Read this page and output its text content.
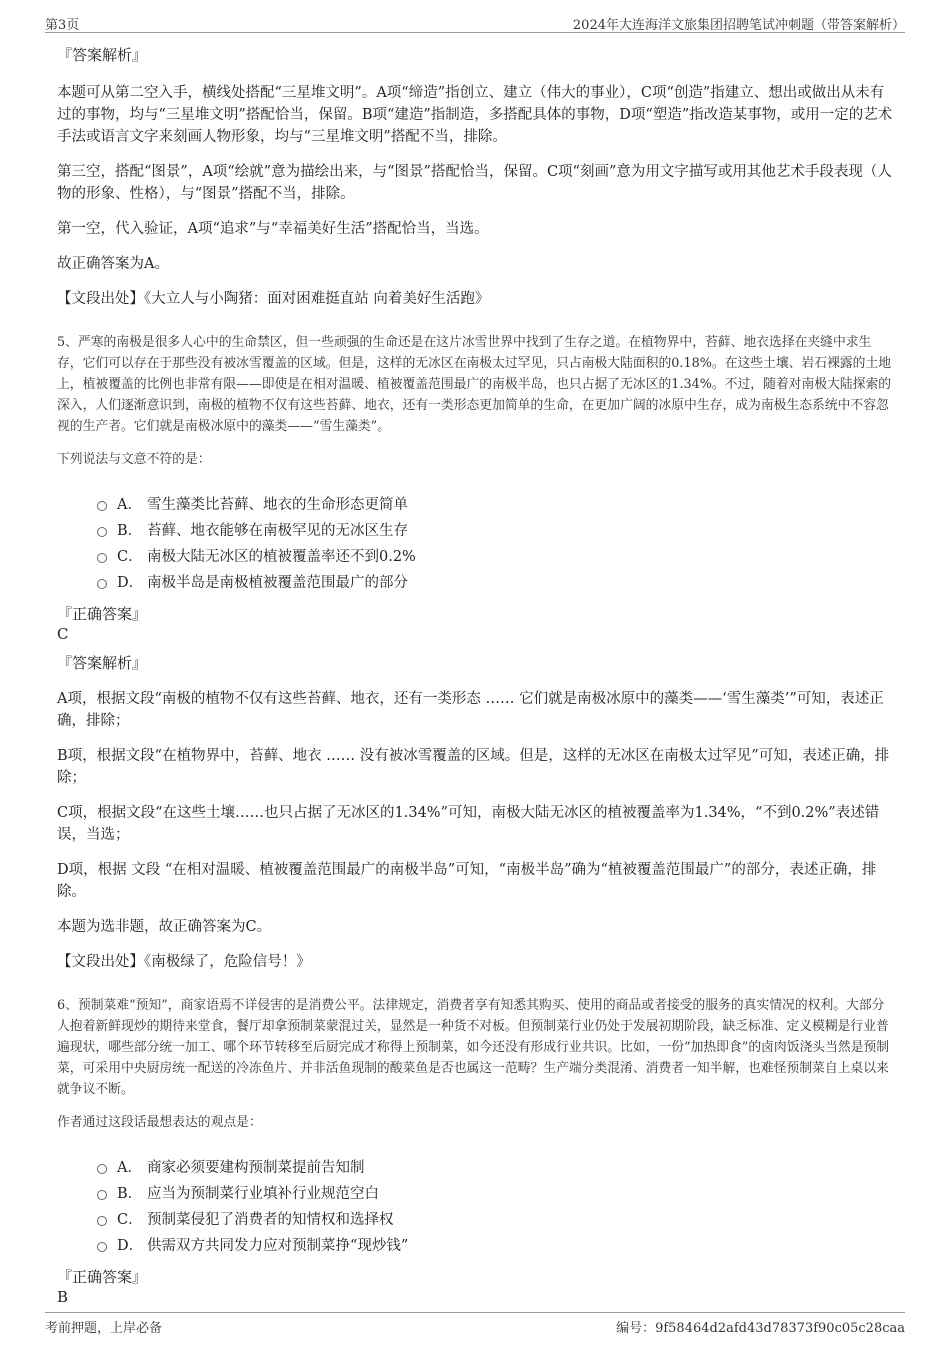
第3页	2024年大连海洋文旅集团招聘笔试冲刺题（带答案解析）

『答案解析』

本题可从第二空入手，横线处搭配“三星堆文明”。A项“缔造”指创立、建立（伟大的事业），C项“创造”指建立、想出或做出从未有过的事物，均与“三星堆文明”搭配恰当，保留。B项“建造”指制造，多搭配具体的事物，D项“塑造”指改造某事物，或用一定的艺术手法或语言文字来刻画人物形象，均与“三星堆文明”搭配不当，排除。

第三空，搭配“图景”，A项“绘就”意为描绘出来，与“图景”搭配恰当，保留。C项“刻画”意为用文字描写或用其他艺术手段表现（人物的形象、性格），与“图景”搭配不当，排除。

第一空，代入验证，A项“追求”与“幸福美好生活”搭配恰当，当选。

故正确答案为A。

【文段出处】《大立人与小陶猪：面对困难挺直站 向着美好生活跑》

5、严寒的南极是很多人心中的生命禁区，但一些顽强的生命还是在这片冰雪世界中找到了生存之道。在植物界中，苔藓、地衣选择在夹缝中求生存，它们可以存在于那些没有被冰雪覆盖的区域。但是，这样的无冰区在南极太过罕见，只占南极大陆面积的0.18%。在这些土壤、岩石裸露的土地上，植被覆盖的比例也非常有限——即使是在相对温暖、植被覆盖范围最广的南极半岛，也只占据了无冰区的1.34%。不过，随着对南极大陆探索的深入，人们逐渐意识到，南极的植物不仅有这些苔藓、地衣，还有一类形态更加简单的生命，在更加广阔的冰原中生存，成为南极生态系统中不容忽视的生产者。它们就是南极冰原中的藻类——“雪生藻类”。

下列说法与文意不符的是：

A． 雪生藻类比苔藓、地衣的生命形态更简单
B． 苔藓、地衣能够在南极罕见的无冰区生存
C． 南极大陆无冰区的植被覆盖率还不到0.2%
D． 南极半岛是南极植被覆盖范围最广的部分

『正确答案』

C

『答案解析』

A项，根据文段“南极的植物不仅有这些苔藓、地衣，还有一类形态 …… 它们就是南极冰原中的藻类——‘雪生藻类’”可知，表述正确，排除；

B项，根据文段“在植物界中，苔藓、地衣 …… 没有被冰雪覆盖的区域。但是，这样的无冰区在南极太过罕见”可知，表述正确，排除；

C项，根据文段“在这些土壤……也只占据了无冰区的1.34%”可知，南极大陆无冰区的植被覆盖率为1.34%，“不到0.2%”表述错误，当选；

D项，根据 文段 “在相对温暖、植被覆盖范围最广的南极半岛”可知，“南极半岛”确为“植被覆盖范围最广”的部分，表述正确，排除。

本题为选非题，故正确答案为C。

【文段出处】《南极绿了，危险信号！》

6、预制菜难“预知”，商家语焉不详侵害的是消费公平。法律规定，消费者享有知悉其购买、使用的商品或者接受的服务的真实情况的权利。大部分人抱着新鲜现炒的期待来堂食，餐厅却拿预制菜蒙混过关，显然是一种货不对板。但预制菜行业仍处于发展初期阶段，缺乏标准、定义模糊是行业普遍现状，哪些部分统一加工、哪个环节转移至后厨完成才称得上预制菜，如今还没有形成行业共识。比如，一份“加热即食”的卤肉饭浇头当然是预制菜，可采用中央厨房统一配送的冷冻鱼片、并非活鱼现制的酸菜鱼是否也属这一范畴？生产端分类混淆、消费者一知半解，也难怪预制菜自上桌以来就争议不断。

作者通过这段话最想表达的观点是：

A． 商家必须要建构预制菜提前告知制
B． 应当为预制菜行业填补行业规范空白
C． 预制菜侵犯了消费者的知情权和选择权
D． 供需双方共同发力应对预制菜挣“现炒钱”

『正确答案』

B

考前押题，上岸必备	编号：9f58464d2afd43d78373f90c05c28caa
